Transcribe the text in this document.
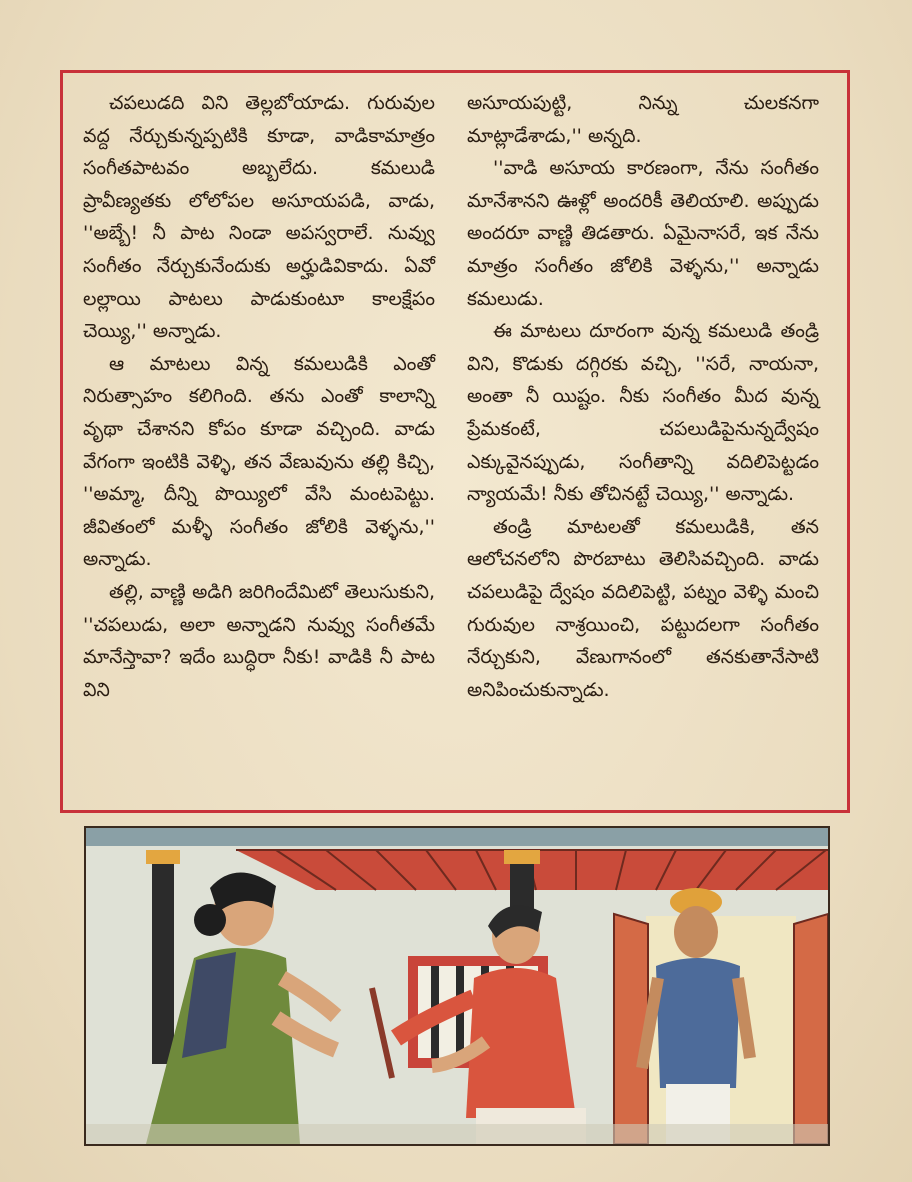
చపలుడది విని తెల్లబోయాడు. గురువుల వద్ద నేర్చుకున్నప్పటికి కూడా, వాడికామాత్రం సంగీతపాటవం అబ్బలేదు. కమలుడి ప్రావీణ్యతకు లోలోపల అసూయపడి, వాడు, ''అబ్బే! నీ పాట నిండా అపస్వరాలే. నువ్వు సంగీతం నేర్చుకునేందుకు అర్హుడివికాదు. ఏవో లల్లాయి పాటలు పాడుకుంటూ కాలక్షేపం చెయ్యి,'' అన్నాడు.

ఆ మాటలు విన్న కమలుడికి ఎంతో నిరుత్సాహం కలిగింది. తను ఎంతో కాలాన్ని వృథా చేశానని కోపం కూడా వచ్చింది. వాడు వేగంగా ఇంటికి వెళ్ళి, తన వేణువును తల్లి కిచ్చి, ''అమ్మా, దీన్ని పొయ్యిలో వేసి మంటపెట్టు. జీవితంలో మళ్ళీ సంగీతం జోలికి వెళ్ళను,'' అన్నాడు.

తల్లి, వాణ్ణి అడిగి జరిగిందేమిటో తెలుసుకుని, ''చపలుడు, అలా అన్నాడని నువ్వు సంగీతమే మానేస్తావా? ఇదేం బుద్ధిరా నీకు! వాడికి నీ పాట విని

అసూయపుట్టి, నిన్ను చులకనగా మాట్లాడేశాడు,'' అన్నది.

''వాడి అసూయ కారణంగా, నేను సంగీతం మానేశానని ఊళ్లో అందరికీ తెలియాలి. అప్పుడు అందరూ వాణ్ణి తిడతారు. ఏమైనాసరే, ఇక నేను మాత్రం సంగీతం జోలికి వెళ్ళను,'' అన్నాడు కమలుడు.

ఈ మాటలు దూరంగా వున్న కమలుడి తండ్రి విని, కొడుకు దగ్గిరకు వచ్చి, ''సరే, నాయనా, అంతా నీ యిష్టం. నీకు సంగీతం మీద వున్న ప్రేమకంటే, చపలుడిపైనున్నద్వేషం ఎక్కువైనప్పుడు, సంగీతాన్ని వదిలిపెట్టడం న్యాయమే! నీకు తోచినట్టే చెయ్యి,'' అన్నాడు.

తండ్రి మాటలతో కమలుడికి, తన ఆలోచనలోని పొరబాటు తెలిసివచ్చింది. వాడు చపలుడిపై ద్వేషం వదిలిపెట్టి, పట్నం వెళ్ళి మంచి గురువుల నాశ్రయించి, పట్టుదలగా సంగీతం నేర్చుకుని, వేణుగానంలో తనకుతానేసాటి అనిపించుకున్నాడు.
